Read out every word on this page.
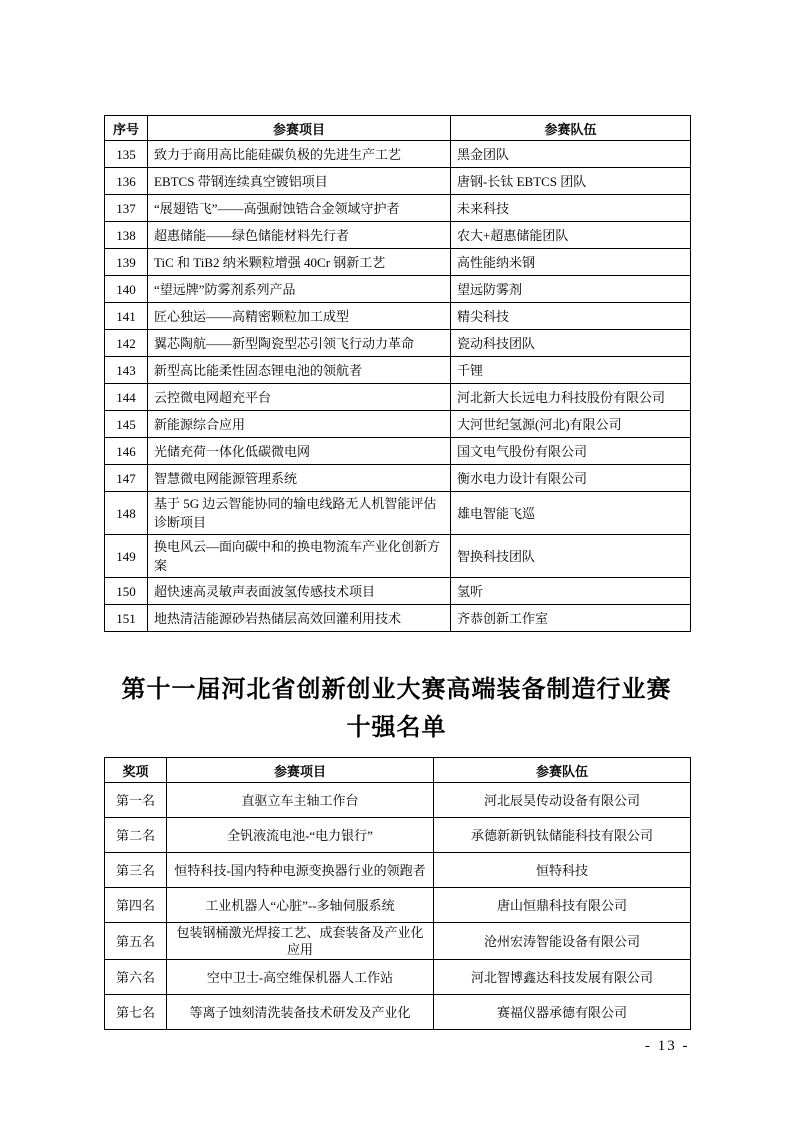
序号	参赛项目	参赛队伍
135	致力于商用高比能硅碳负极的先进生产工艺	黑金团队
136	EBTCS 带钢连续真空镀铝项目	唐钢-长钛 EBTCS 团队
137	“展翅锆飞”——高强耐蚀锆合金领域守护者	未来科技
138	超惠储能——绿色储能材料先行者	农大+超惠储能团队
139	TiC 和 TiB2 纳米颗粒增强 40Cr 钢新工艺	高性能纳米钢
140	“望远牌”防雾剂系列产品	望远防雾剂
141	匠心独运——高精密颗粒加工成型	精尖科技
142	翼芯陶航——新型陶瓷型芯引领飞行动力革命	瓷动科技团队
143	新型高比能柔性固态锂电池的领航者	千锂
144	云控微电网超充平台	河北新大长远电力科技股份有限公司
145	新能源综合应用	大河世纪氢源(河北)有限公司
146	光储充荷一体化低碳微电网	国文电气股份有限公司
147	智慧微电网能源管理系统	衡水电力设计有限公司
148	基于 5G 边云智能协同的输电线路无人机智能评估诊断项目	雄电智能飞巡
149	换电风云—面向碳中和的换电物流车产业化创新方案	智换科技团队
150	超快速高灵敏声表面波氢传感技术项目	氢听
151	地热清洁能源砂岩热储层高效回灌利用技术	齐恭创新工作室
第十一届河北省创新创业大赛高端装备制造行业赛
十强名单
奖项	参赛项目	参赛队伍
第一名	直驱立车主轴工作台	河北辰昊传动设备有限公司
第二名	全钒液流电池-“电力银行”	承德新新钒钛储能科技有限公司
第三名	恒特科技-国内特种电源变换器行业的领跑者	恒特科技
第四名	工业机器人“心脏”--多轴伺服系统	唐山恒鼎科技有限公司
第五名	包装钢桶激光焊接工艺、成套装备及产业化应用	沧州宏涛智能设备有限公司
第六名	空中卫士-高空维保机器人工作站	河北智博鑫达科技发展有限公司
第七名	等离子蚀刻清洗装备技术研发及产业化	赛福仪器承德有限公司
- 13 -
